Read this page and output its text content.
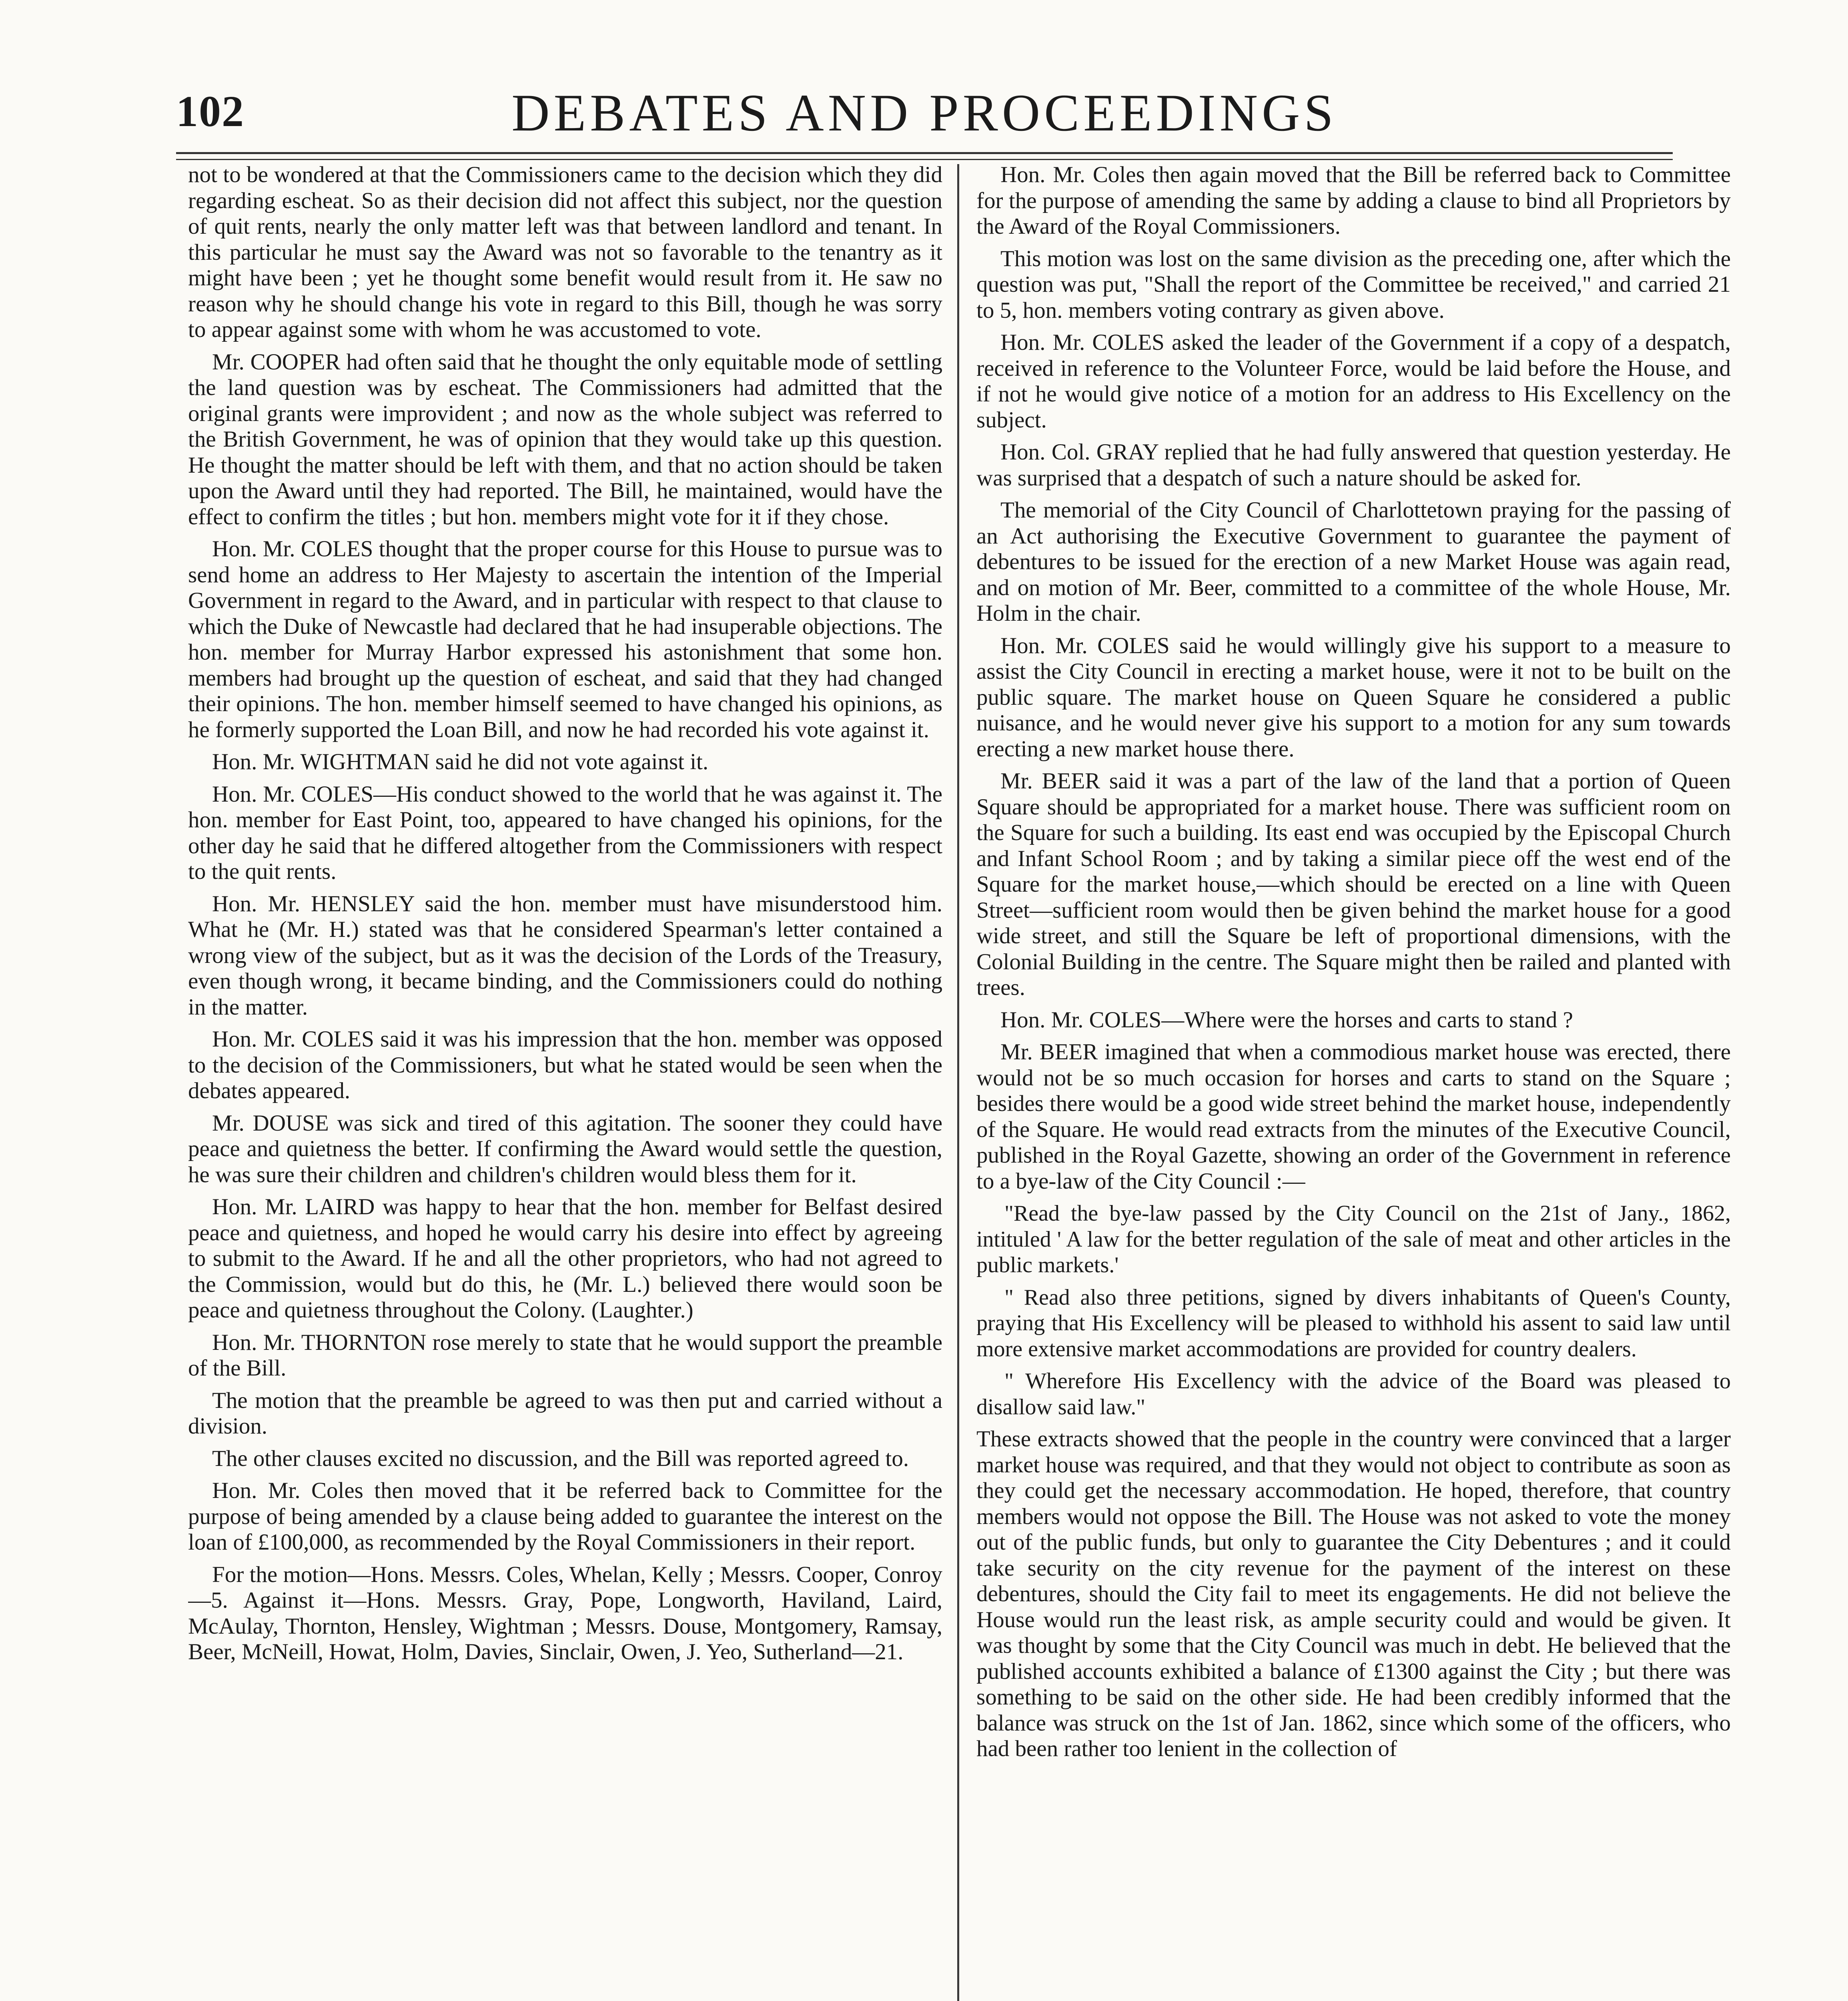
102	DEBATES AND PROCEEDINGS

not to be wondered at that the Commissioners came to the decision which they did regarding escheat. So as their decision did not affect this subject, nor the question of quit rents, nearly the only matter left was that between landlord and tenant. In this particular he must say the Award was not so favorable to the tenantry as it might have been ; yet he thought some benefit would result from it. He saw no reason why he should change his vote in regard to this Bill, though he was sorry to appear against some with whom he was accustomed to vote.

Mr. COOPER had often said that he thought the only equitable mode of settling the land question was by escheat. The Commissioners had admitted that the original grants were improvident ; and now as the whole subject was referred to the British Government, he was of opinion that they would take up this question. He thought the matter should be left with them, and that no action should be taken upon the Award until they had reported. The Bill, he maintained, would have the effect to confirm the titles ; but hon. members might vote for it if they chose.

Hon. Mr. COLES thought that the proper course for this House to pursue was to send home an address to Her Majesty to ascertain the intention of the Imperial Government in regard to the Award, and in particular with respect to that clause to which the Duke of Newcastle had declared that he had insuperable objections. The hon. member for Murray Harbor expressed his astonishment that some hon. members had brought up the question of escheat, and said that they had changed their opinions. The hon. member himself seemed to have changed his opinions, as he formerly supported the Loan Bill, and now he had recorded his vote against it.

Hon. Mr. WIGHTMAN said he did not vote against it.

Hon. Mr. COLES—His conduct showed to the world that he was against it. The hon. member for East Point, too, appeared to have changed his opinions, for the other day he said that he differed altogether from the Commissioners with respect to the quit rents.

Hon. Mr. HENSLEY said the hon. member must have misunderstood him. What he (Mr. H.) stated was that he considered Spearman's letter contained a wrong view of the subject, but as it was the decision of the Lords of the Treasury, even though wrong, it became binding, and the Commissioners could do nothing in the matter.

Hon. Mr. COLES said it was his impression that the hon. member was opposed to the decision of the Commissioners, but what he stated would be seen when the debates appeared.

Mr. DOUSE was sick and tired of this agitation. The sooner they could have peace and quietness the better. If confirming the Award would settle the question, he was sure their children and children's children would bless them for it.

Hon. Mr. LAIRD was happy to hear that the hon. member for Belfast desired peace and quietness, and hoped he would carry his desire into effect by agreeing to submit to the Award. If he and all the other proprietors, who had not agreed to the Commission, would but do this, he (Mr. L.) believed there would soon be peace and quietness throughout the Colony. (Laughter.)

Hon. Mr. THORNTON rose merely to state that he would support the preamble of the Bill.

The motion that the preamble be agreed to was then put and carried without a division.

The other clauses excited no discussion, and the Bill was reported agreed to.

Hon. Mr. Coles then moved that it be referred back to Committee for the purpose of being amended by a clause being added to guarantee the interest on the loan of £100,000, as recommended by the Royal Commissioners in their report.

For the motion—Hons. Messrs. Coles, Whelan, Kelly ; Messrs. Cooper, Conroy—5. Against it—Hons. Messrs. Gray, Pope, Longworth, Haviland, Laird, McAulay, Thornton, Hensley, Wightman ; Messrs. Douse, Montgomery, Ramsay, Beer, McNeill, Howat, Holm, Davies, Sinclair, Owen, J. Yeo, Sutherland—21.

Hon. Mr. Coles then again moved that the Bill be referred back to Committee for the purpose of amending the same by adding a clause to bind all Proprietors by the Award of the Royal Commissioners.

This motion was lost on the same division as the preceding one, after which the question was put, "Shall the report of the Committee be received," and carried 21 to 5, hon. members voting contrary as given above.

Hon. Mr. COLES asked the leader of the Government if a copy of a despatch, received in reference to the Volunteer Force, would be laid before the House, and if not he would give notice of a motion for an address to His Excellency on the subject.

Hon. Col. GRAY replied that he had fully answered that question yesterday. He was surprised that a despatch of such a nature should be asked for.

The memorial of the City Council of Charlottetown praying for the passing of an Act authorising the Executive Government to guarantee the payment of debentures to be issued for the erection of a new Market House was again read, and on motion of Mr. Beer, committed to a committee of the whole House, Mr. Holm in the chair.

Hon. Mr. COLES said he would willingly give his support to a measure to assist the City Council in erecting a market house, were it not to be built on the public square. The market house on Queen Square he considered a public nuisance, and he would never give his support to a motion for any sum towards erecting a new market house there.

Mr. BEER said it was a part of the law of the land that a portion of Queen Square should be appropriated for a market house. There was sufficient room on the Square for such a building. Its east end was occupied by the Episcopal Church and Infant School Room ; and by taking a similar piece off the west end of the Square for the market house,—which should be erected on a line with Queen Street—sufficient room would then be given behind the market house for a good wide street, and still the Square be left of proportional dimensions, with the Colonial Building in the centre. The Square might then be railed and planted with trees.

Hon. Mr. COLES—Where were the horses and carts to stand ?

Mr. BEER imagined that when a commodious market house was erected, there would not be so much occasion for horses and carts to stand on the Square ; besides there would be a good wide street behind the market house, independently of the Square. He would read extracts from the minutes of the Executive Council, published in the Royal Gazette, showing an order of the Government in reference to a bye-law of the City Council :—

"Read the bye-law passed by the City Council on the 21st of Jany., 1862, intituled ' A law for the better regulation of the sale of meat and other articles in the public markets.'

" Read also three petitions, signed by divers inhabitants of Queen's County, praying that His Excellency will be pleased to withhold his assent to said law until more extensive market accommodations are provided for country dealers.

" Wherefore His Excellency with the advice of the Board was pleased to disallow said law."

These extracts showed that the people in the country were convinced that a larger market house was required, and that they would not object to contribute as soon as they could get the necessary accommodation. He hoped, therefore, that country members would not oppose the Bill. The House was not asked to vote the money out of the public funds, but only to guarantee the City Debentures ; and it could take security on the city revenue for the payment of the interest on these debentures, should the City fail to meet its engagements. He did not believe the House would run the least risk, as ample security could and would be given. It was thought by some that the City Council was much in debt. He believed that the published accounts exhibited a balance of £1300 against the City ; but there was something to be said on the other side. He had been credibly informed that the balance was struck on the 1st of Jan. 1862, since which some of the officers, who had been rather too lenient in the collection of
